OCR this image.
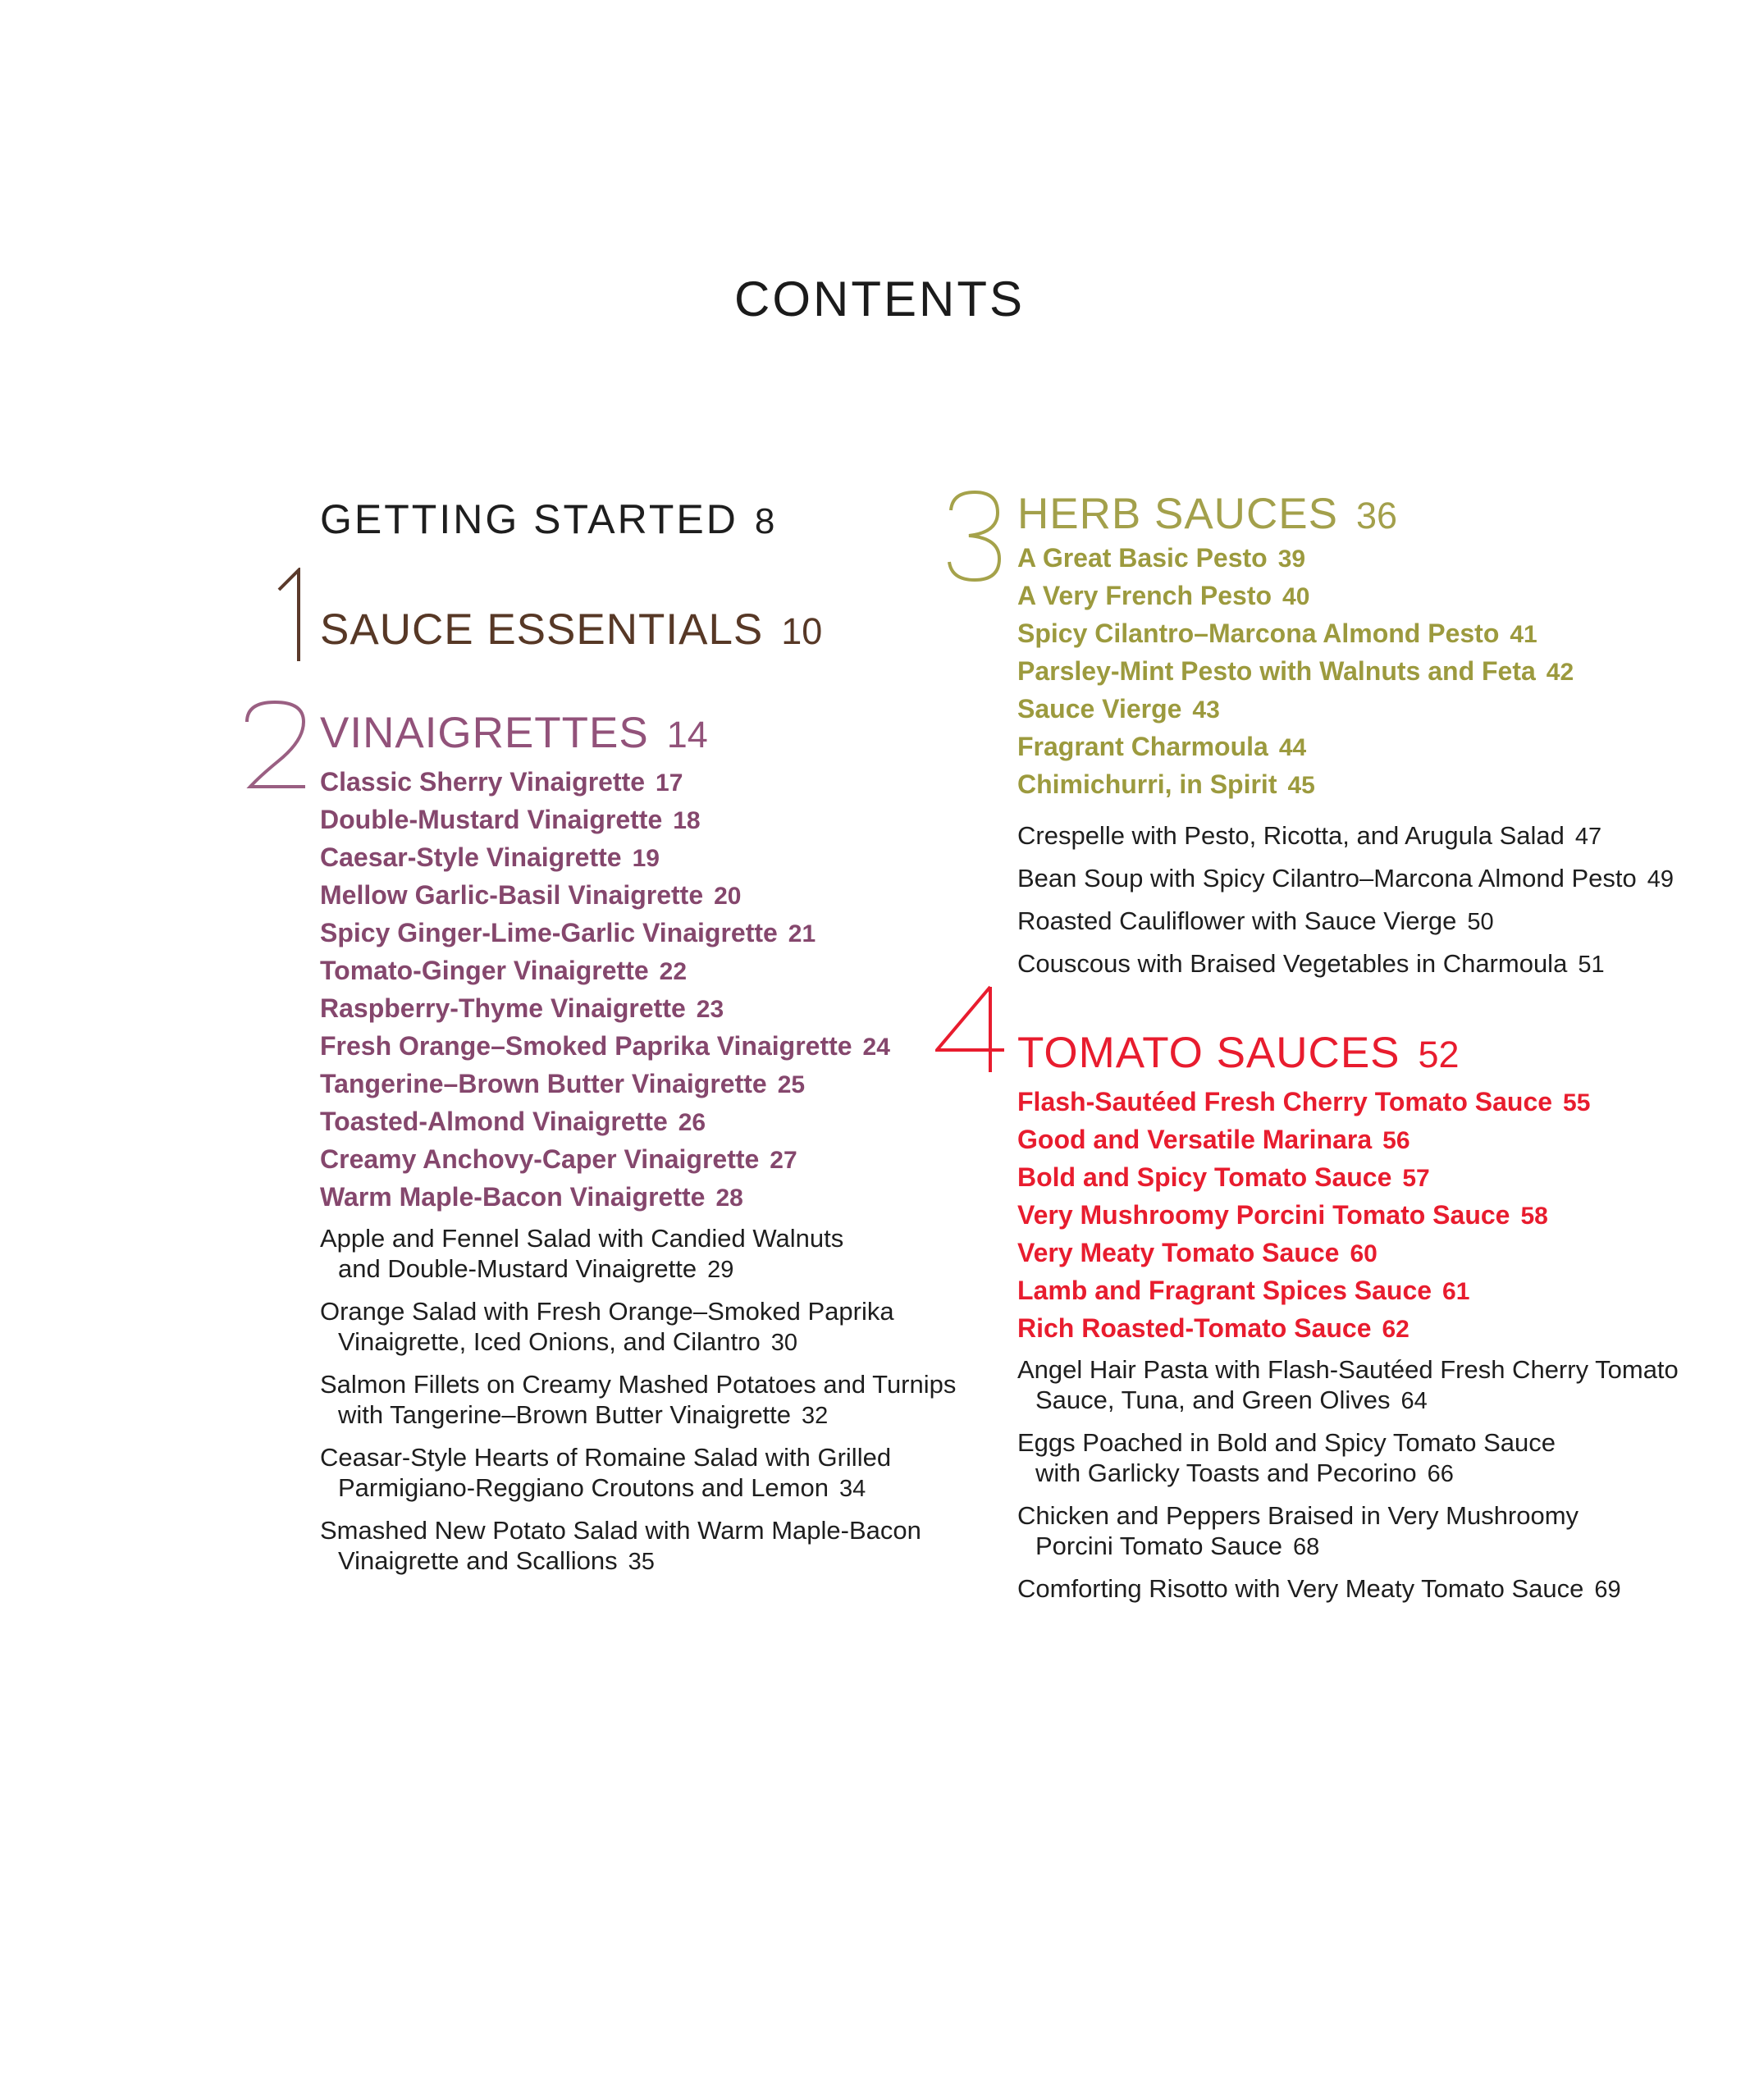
CONTENTS
GETTING STARTED 8
SAUCE ESSENTIALS 10
VINAIGRETTES 14
Classic Sherry Vinaigrette 17
Double-Mustard Vinaigrette 18
Caesar-Style Vinaigrette 19
Mellow Garlic-Basil Vinaigrette 20
Spicy Ginger-Lime-Garlic Vinaigrette 21
Tomato-Ginger Vinaigrette 22
Raspberry-Thyme Vinaigrette 23
Fresh Orange–Smoked Paprika Vinaigrette 24
Tangerine–Brown Butter Vinaigrette 25
Toasted-Almond Vinaigrette 26
Creamy Anchovy-Caper Vinaigrette 27
Warm Maple-Bacon Vinaigrette 28
Apple and Fennel Salad with Candied Walnuts
and Double-Mustard Vinaigrette 29
Orange Salad with Fresh Orange–Smoked Paprika
Vinaigrette, Iced Onions, and Cilantro 30
Salmon Fillets on Creamy Mashed Potatoes and Turnips
with Tangerine–Brown Butter Vinaigrette 32
Ceasar-Style Hearts of Romaine Salad with Grilled
Parmigiano-Reggiano Croutons and Lemon 34
Smashed New Potato Salad with Warm Maple-Bacon
Vinaigrette and Scallions 35
HERB SAUCES 36
A Great Basic Pesto 39
A Very French Pesto 40
Spicy Cilantro–Marcona Almond Pesto 41
Parsley-Mint Pesto with Walnuts and Feta 42
Sauce Vierge 43
Fragrant Charmoula 44
Chimichurri, in Spirit 45
Crespelle with Pesto, Ricotta, and Arugula Salad 47
Bean Soup with Spicy Cilantro–Marcona Almond Pesto 49
Roasted Cauliflower with Sauce Vierge 50
Couscous with Braised Vegetables in Charmoula 51
TOMATO SAUCES 52
Flash-Sautéed Fresh Cherry Tomato Sauce 55
Good and Versatile Marinara 56
Bold and Spicy Tomato Sauce 57
Very Mushroomy Porcini Tomato Sauce 58
Very Meaty Tomato Sauce 60
Lamb and Fragrant Spices Sauce 61
Rich Roasted-Tomato Sauce 62
Angel Hair Pasta with Flash-Sautéed Fresh Cherry Tomato
Sauce, Tuna, and Green Olives 64
Eggs Poached in Bold and Spicy Tomato Sauce
with Garlicky Toasts and Pecorino 66
Chicken and Peppers Braised in Very Mushroomy
Porcini Tomato Sauce 68
Comforting Risotto with Very Meaty Tomato Sauce 69
